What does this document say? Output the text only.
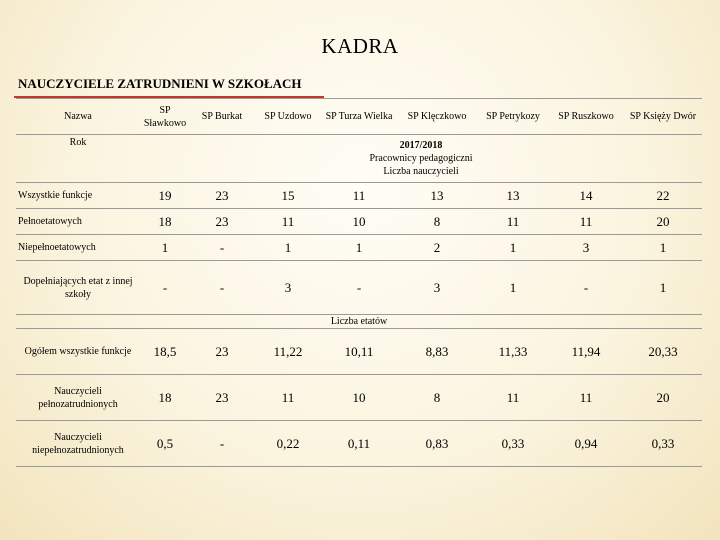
KADRA
NAUCZYCIELE ZATRUDNIENI W SZKOŁACH
Nazwa	SP Sławkowo	SP Burkat	SP Uzdowo	SP Turza Wielka	SP Klęczkowo	SP Petrykozy	SP Ruszkowo	SP Księży Dwór
Rok	2017/2018
Pracownicy pedagogiczni
Liczba nauczycieli							

Wszystkie funkcje	19	23	15	11	13	13	14	22
Pełnoetatowych	18	23	11	10	8	11	11	20
Niepełnoetatowych	1	-	1	1	2	1	3	1
Dopełniających etat z innej szkoły	-	-	3	-	3	1	-	1
Liczba etatów								
Ogółem wszystkie funkcje	18,5	23	11,22	10,11	8,83	11,33	11,94	20,33
Nauczycieli pełnozatrudnionych	18	23	11	10	8	11	11	20
Nauczycieli niepełnozatrudnionych	0,5	-	0,22	0,11	0,83	0,33	0,94	0,33
